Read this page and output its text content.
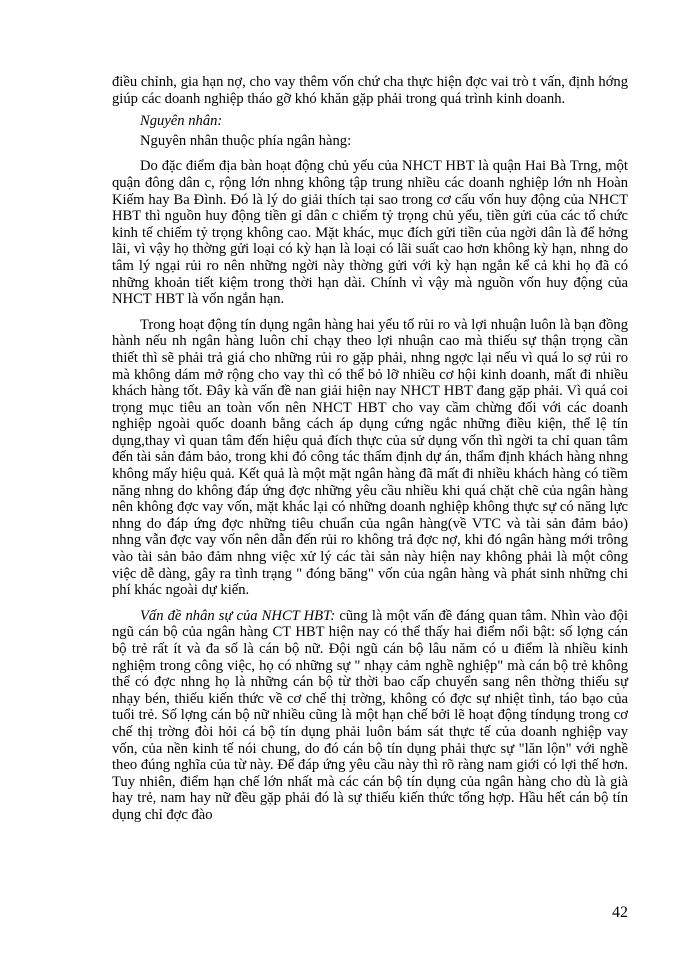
điều chỉnh, gia hạn nợ, cho vay thêm vốn chứ cha thực hiện đợc vai trò t vấn, định hớng giúp các doanh nghiệp tháo gỡ khó khăn gặp phải trong quá trình kinh doanh.

Nguyên nhân:

Nguyên nhân thuộc phía ngân hàng:

Do đặc điểm địa bàn hoạt động chủ yếu của NHCT HBT là quận Hai Bà Trng, một quận đông dân c, rộng lớn nhng không tập trung nhiều các doanh nghiệp lớn nh Hoàn Kiếm hay Ba Đình. Đó là lý do giải thích tại sao trong cơ cấu vốn huy động của NHCT HBT thì nguồn huy động tiền gỉ dân c chiếm tỷ trọng chủ yếu, tiền gửi của các tổ chức kinh tế chiếm tỷ trọng không cao. Mặt khác, mục đích gửi tiền của ngời dân là để hởng lãi, vì vậy họ thờng gửi loại có kỳ hạn là loại có lãi suất cao hơn không kỳ hạn, nhng do tâm lý ngại rủi ro nên những ngời này thờng gửi với kỳ hạn ngắn kể cả khi họ đã có những khoản tiết kiệm trong thời hạn dài. Chính vì vậy mà nguồn vốn huy động của NHCT HBT là vốn ngắn hạn.

Trong hoạt động tín dụng ngân hàng hai yếu tố rủi ro và lợi nhuận luôn là bạn đồng hành nếu nh ngân hàng luôn chỉ chạy theo lợi nhuận cao mà thiếu sự thận trọng cần thiết thì sẽ phải trả giá cho những rủi ro gặp phải, nhng ngợc lại nếu vì quá lo sợ rủi ro mà không dám mở rộng cho vay thì có thể bỏ lỡ nhiều cơ hội kinh doanh, mất đi nhiều khách hàng tốt. Đây kà vấn đề nan giải hiện nay NHCT HBT đang gặp phải. Vì quá coi trọng mục tiêu an toàn vốn nên NHCT HBT cho vay cầm chừng đối với các doanh nghiệp ngoài quốc doanh bằng cách áp dụng cứng ngắc những điều kiện, thể lệ tín dụng,thay vì quan tâm đến hiệu quả đích thực của sử dụng vốn thì ngời ta chỉ quan tâm đến tài sản đảm bảo, trong khi đó công tác thẩm định dự án, thẩm định khách hàng nhng không mấy hiệu quả. Kết quả là một mặt ngân hàng đã mất đi nhiều khách hàng có tiềm năng nhng do không đáp ứng đợc những yêu cầu nhiều khi quá chặt chẽ của ngân hàng nên không đợc vay vốn, mặt khác lại có những doanh nghiệp không thực sự có năng lực nhng do đáp ứng đợc những tiêu chuẩn của ngân hàng(về VTC và tài sản đảm bảo) nhng vẫn đợc vay vốn nên dẫn đến rủi ro không trả đợc nợ, khi đó ngân hàng mới trông vào tài sản bảo đảm nhng việc xử lý các tài sản này hiện nay không phải là một công việc dễ dàng, gây ra tình trạng " đóng băng" vốn của ngân hàng và phát sinh những chi phí khác ngoài dự kiến.

Vấn đề nhân sự của NHCT HBT: cũng là một vấn đề đáng quan tâm. Nhìn vào đội ngũ cán bộ của ngân hàng CT HBT hiện nay có thể thấy hai điểm nổi bật: số lợng cán bộ trẻ rất ít và đa số là cán bộ nữ. Đội ngũ cán bộ lâu năm có u điểm là nhiều kinh nghiệm trong công việc, họ có những sự " nhạy cảm nghề nghiệp" mà cán bộ trẻ không thể có đợc nhng họ là những cán bộ từ thời bao cấp chuyển sang nên thờng thiếu sự nhạy bén, thiếu kiến thức về cơ chế thị trờng, không có đợc sự nhiệt tình, táo bạo của tuổi trẻ. Số lợng cán bộ nữ nhiều cũng là một hạn chế bởi lẽ hoạt động tíndụng trong cơ chế thị trờng đòi hỏi cá bộ tín dụng phải luôn bám sát thực tế của doanh nghiệp vay vốn, của nền kinh tế nói chung, do đó cán bộ tín dụng phải thực sự "lăn lộn" với nghề theo đúng nghĩa của từ này. Để đáp ứng yêu cầu này thì rõ ràng nam giới có lợi thế hơn. Tuy nhiên, điểm hạn chế lớn nhất mà các cán bộ tín dụng của ngân hàng cho dù là già hay trẻ, nam hay nữ đều gặp phải đó là sự thiếu kiến thức tổng hợp. Hầu hết cán bộ tín dụng chỉ đợc đào

42
